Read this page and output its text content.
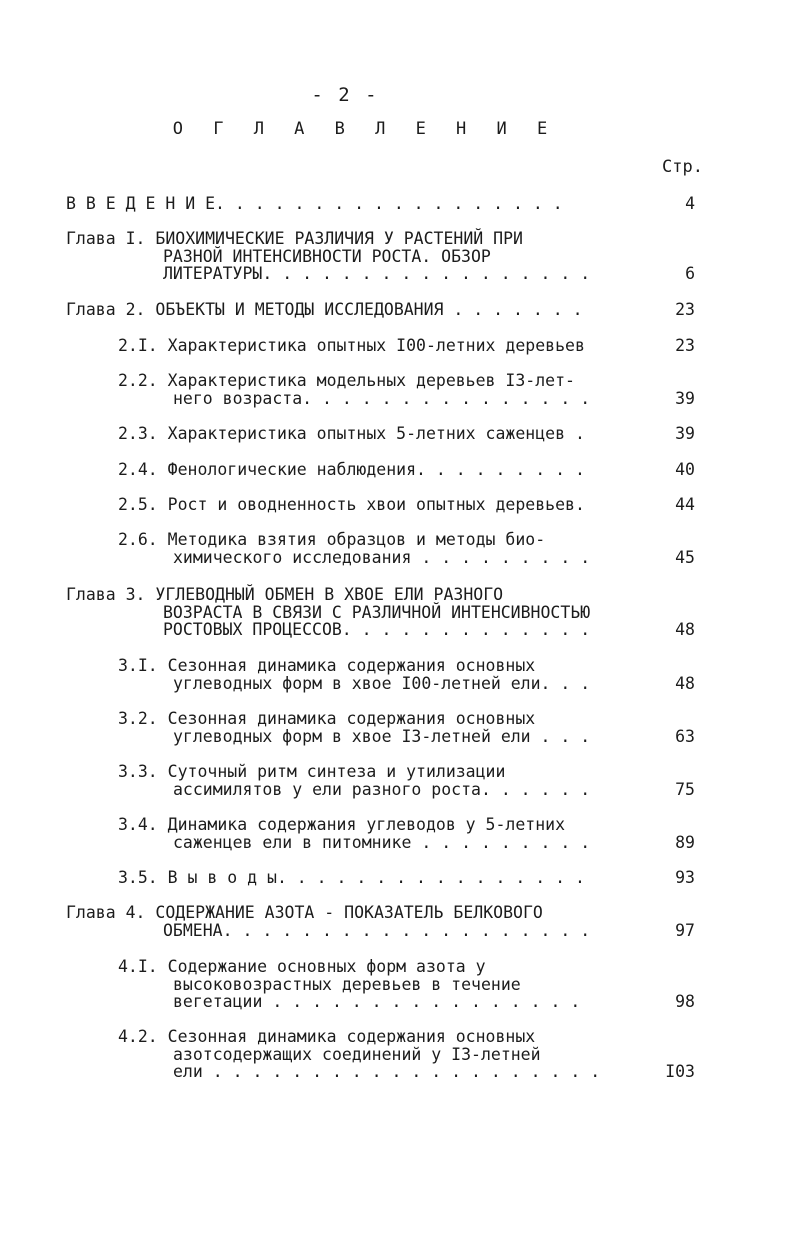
- 2 -
О Г Л А В Л Е Н И Е
Стр.
В В Е Д Е Н И Е. . . . . . . . . . . . . . . . . .	4
Глава I. БИОХИМИЧЕСКИЕ РАЗЛИЧИЯ У РАСТЕНИЙ ПРИ
РАЗНОЙ ИНТЕНСИВНОСТИ РОСТА. ОБЗОР
ЛИТЕРАТУРЫ. . . . . . . . . . . . . . . . .	6
Глава 2. ОБЪЕКТЫ И МЕТОДЫ ИССЛЕДОВАНИЯ . . . . . . .	23
2.I. Характеристика опытных I00-летних деревьев	23
2.2. Характеристика модельных деревьев I3-лет-
него возраста. . . . . . . . . . . . . . .	39
2.3. Характеристика опытных 5-летних саженцев .	39
2.4. Фенологические наблюдения. . . . . . . . .	40
2.5. Рост и оводненность хвои опытных деревьев.	44
2.6. Методика взятия образцов и методы био-
химического исследования . . . . . . . . .	45
Глава 3. УГЛЕВОДНЫЙ ОБМЕН В ХВОЕ ЕЛИ РАЗНОГО
ВОЗРАСТА В СВЯЗИ С РАЗЛИЧНОЙ ИНТЕНСИВНОСТЬЮ
РОСТОВЫХ ПРОЦЕССОВ. . . . . . . . . . . . .	48
3.I. Сезонная динамика содержания основных
углеводных форм в хвое I00-летней ели. . .	48
3.2. Сезонная динамика содержания основных
углеводных форм в хвое I3-летней ели . . .	63
3.3. Суточный ритм синтеза и утилизации
ассимилятов у ели разного роста. . . . . .	75
3.4. Динамика содержания углеводов у 5-летних
саженцев ели в питомнике . . . . . . . . .	89
3.5. В ы в о д ы. . . . . . . . . . . . . . . .	93
Глава 4. СОДЕРЖАНИЕ АЗОТА - ПОКАЗАТЕЛЬ БЕЛКОВОГО
ОБМЕНА. . . . . . . . . . . . . . . . . . .	97
4.I. Содержание основных форм азота у
высоковозрастных деревьев в течение
вегетации . . . . . . . . . . . . . . . .	98
4.2. Сезонная динамика содержания основных
азотсодержащих соединений у I3-летней
ели . . . . . . . . . . . . . . . . . . . .	I03
